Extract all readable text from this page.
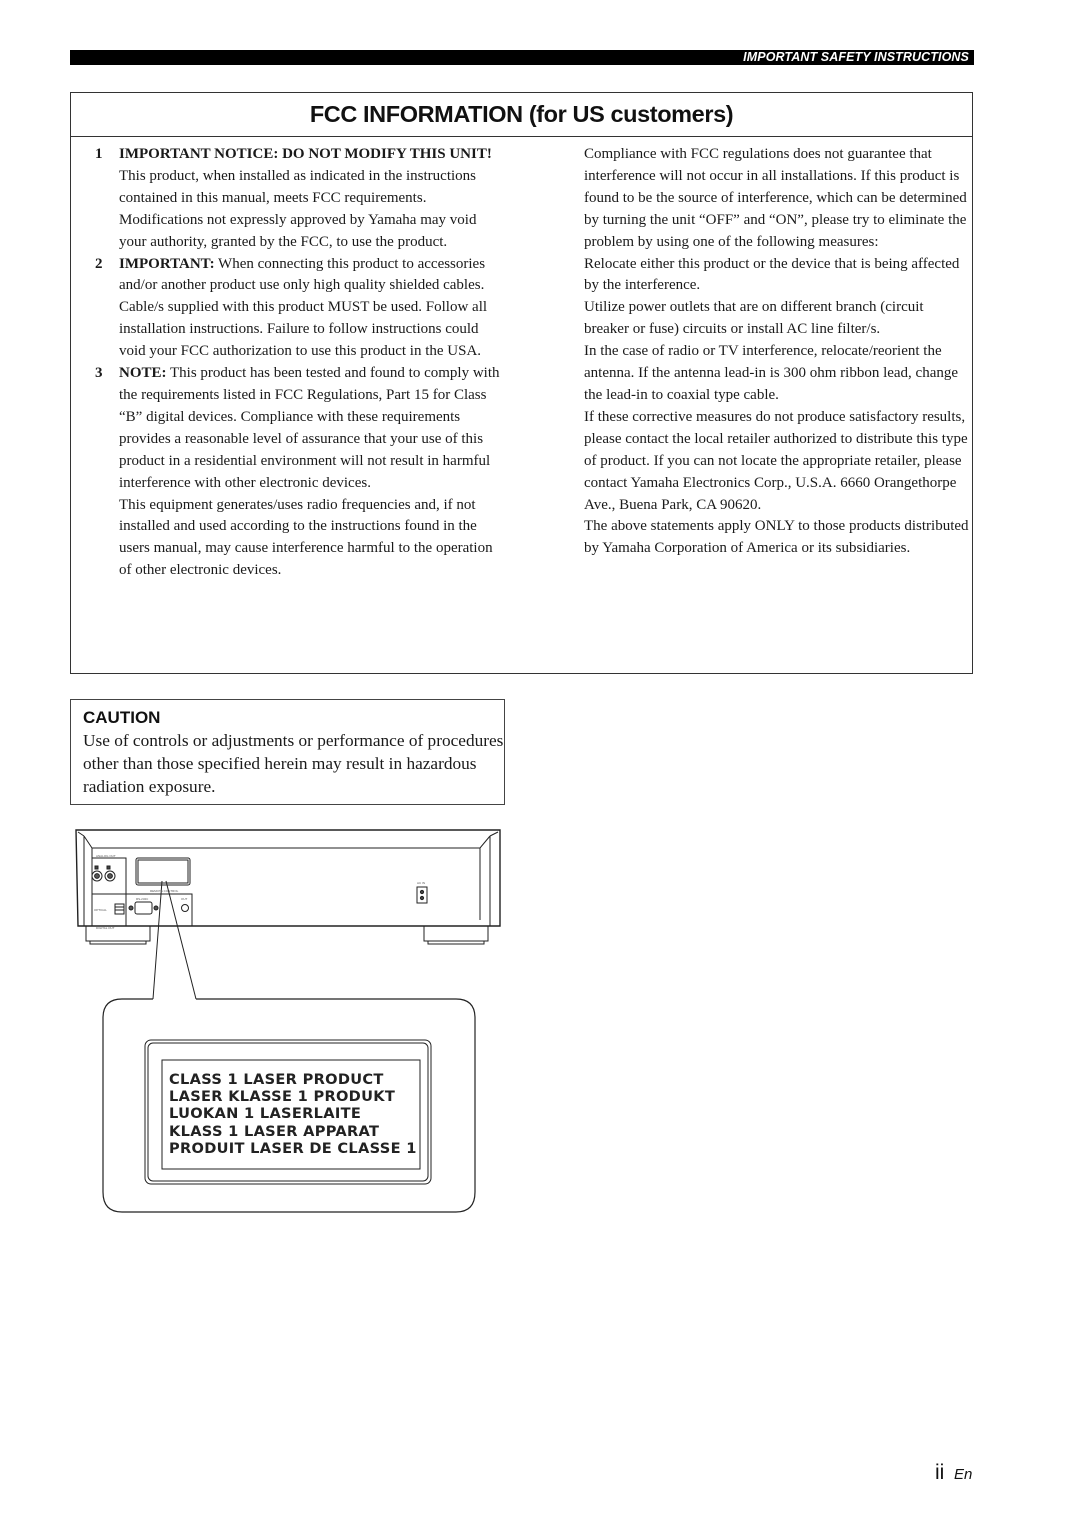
IMPORTANT SAFETY INSTRUCTIONS
FCC INFORMATION (for US customers)
1	IMPORTANT NOTICE: DO NOT MODIFY THIS UNIT!
This product, when installed as indicated in the instructions contained in this manual, meets FCC requirements. Modifications not expressly approved by Yamaha may void your authority, granted by the FCC, to use the product.
2	IMPORTANT: When connecting this product to accessories and/or another product use only high quality shielded cables. Cable/s supplied with this product MUST be used. Follow all installation instructions. Failure to follow instructions could void your FCC authorization to use this product in the USA.
3	NOTE: This product has been tested and found to comply with the requirements listed in FCC Regulations, Part 15 for Class “B” digital devices. Compliance with these requirements provides a reasonable level of assurance that your use of this product in a residential environment will not result in harmful interference with other electronic devices.
This equipment generates/uses radio frequencies and, if not installed and used according to the instructions found in the users manual, may cause interference harmful to the operation of other electronic devices.

Compliance with FCC regulations does not guarantee that interference will not occur in all installations. If this product is found to be the source of interference, which can be determined by turning the unit “OFF” and “ON”, please try to eliminate the problem by using one of the following measures:

Relocate either this product or the device that is being affected by the interference.

Utilize power outlets that are on different branch (circuit breaker or fuse) circuits or install AC line filter/s.

In the case of radio or TV interference, relocate/reorient the antenna. If the antenna lead-in is 300 ohm ribbon lead, change the lead-in to coaxial type cable.

If these corrective measures do not produce satisfactory results, please contact the local retailer authorized to distribute this type of product. If you can not locate the appropriate retailer, please contact Yamaha Electronics Corp., U.S.A. 6660 Orangethorpe Ave., Buena Park, CA 90620.

The above statements apply ONLY to those products distributed by Yamaha Corporation of America or its subsidiaries.

CAUTION
Use of controls or adjustments or performance of procedures other than those specified herein may result in hazardous radiation exposure.
ANALOG OUT
OPTICAL
DIGITAL OUT
REMOTE CONTROL
RS-232C	OUT
AC IN
CLASS 1 LASER PRODUCT
LASER KLASSE 1 PRODUKT
LUOKAN 1 LASERLAITE
KLASS 1 LASER APPARAT
PRODUIT LASER DE CLASSE 1
ii En
